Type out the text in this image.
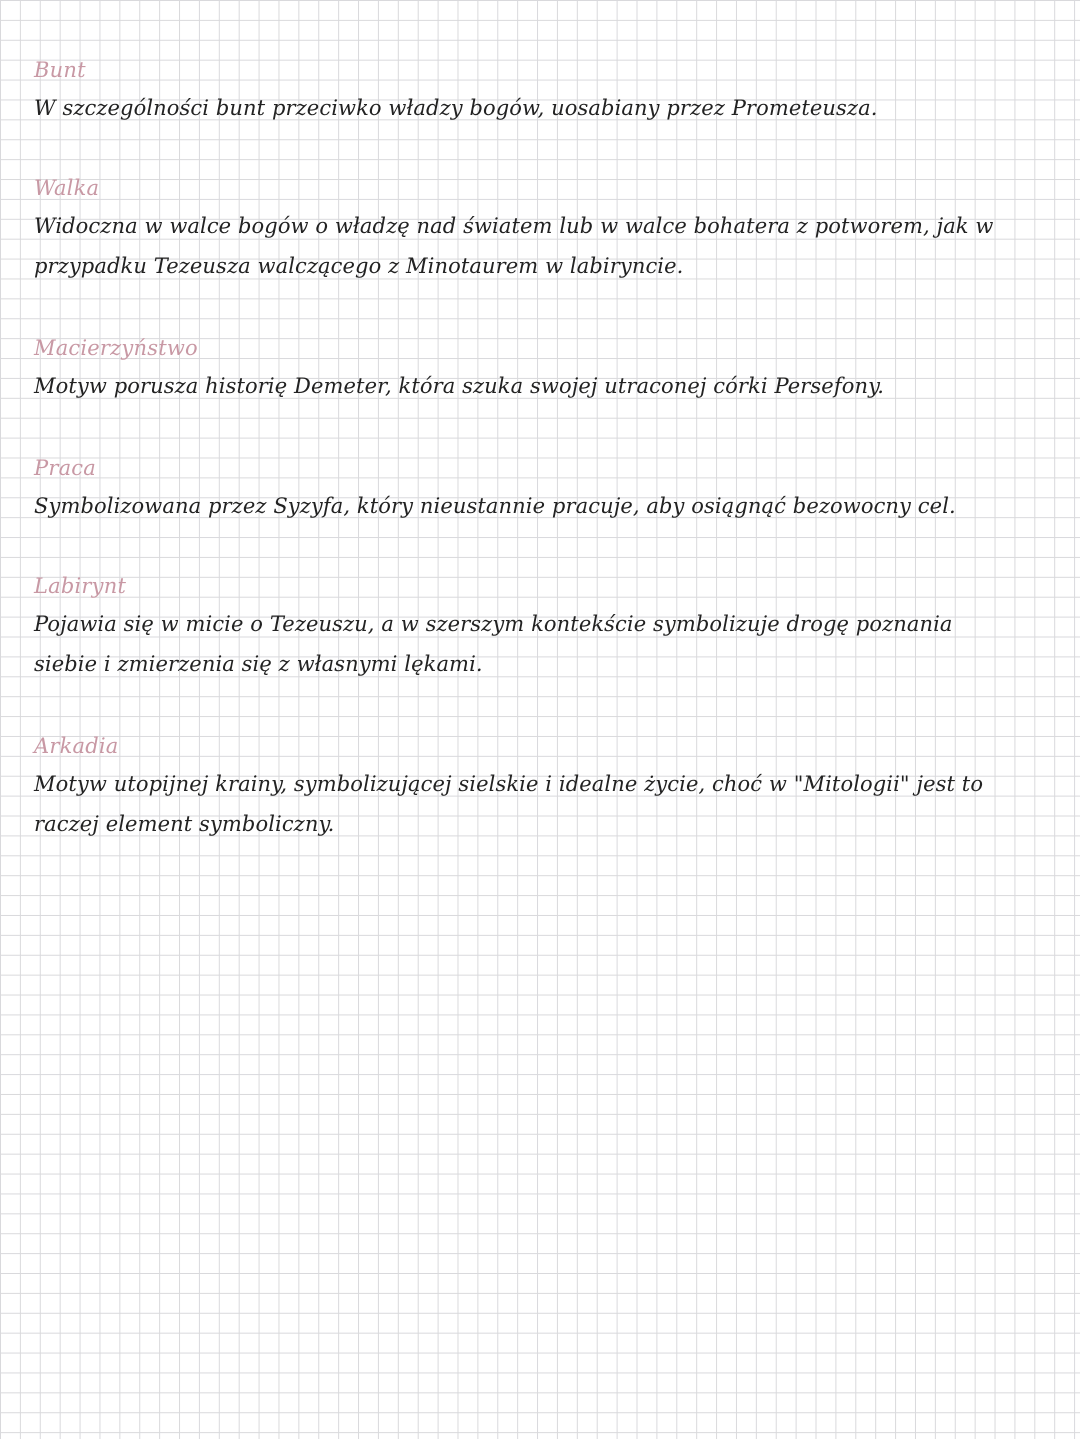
Bunt
W szczególności bunt przeciwko władzy bogów, uosabiany przez Prometeusza.
Walka
Widoczna w walce bogów o władzę nad światem lub w walce bohatera z potworem, jak w przypadku Tezeusza walczącego z Minotaurem w labiryncie.
Macierzyństwo
Motyw porusza historię Demeter, która szuka swojej utraconej córki Persefony.
Praca
Symbolizowana przez Syzyfa, który nieustannie pracuje, aby osiągnąć bezowocny cel.
Labirynt
Pojawia się w micie o Tezeuszu, a w szerszym kontekście symbolizuje drogę poznania siebie i zmierzenia się z własnymi lękami.
Arkadia
Motyw utopijnej krainy, symbolizującej sielskie i idealne życie, choć w "Mitologii" jest to raczej element symboliczny.
